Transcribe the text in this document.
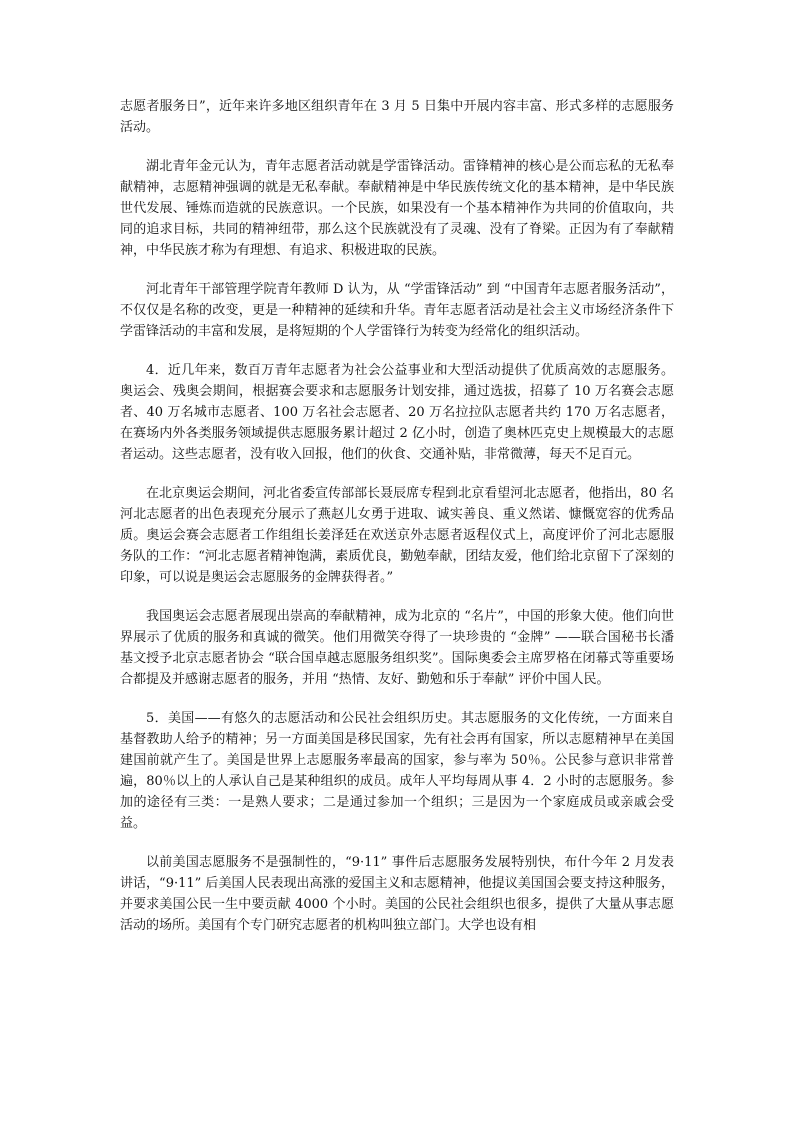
志愿者服务日”，近年来许多地区组织青年在 3 月 5 日集中开展内容丰富、形式多样的志愿服务活动。

湖北青年金元认为，青年志愿者活动就是学雷锋活动。雷锋精神的核心是公而忘私的无私奉献精神，志愿精神强调的就是无私奉献。奉献精神是中华民族传统文化的基本精神，是中华民族世代发展、锤炼而造就的民族意识。一个民族，如果没有一个基本精神作为共同的价值取向，共同的追求目标，共同的精神纽带，那么这个民族就没有了灵魂、没有了脊梁。正因为有了奉献精神，中华民族才称为有理想、有追求、积极进取的民族。

河北青年干部管理学院青年教师 D 认为，从 “学雷锋活动” 到 “中国青年志愿者服务活动”，不仅仅是名称的改变，更是一种精神的延续和升华。青年志愿者活动是社会主义市场经济条件下学雷锋活动的丰富和发展，是将短期的个人学雷锋行为转变为经常化的组织活动。

4．近几年来，数百万青年志愿者为社会公益事业和大型活动提供了优质高效的志愿服务。奥运会、残奥会期间，根据赛会要求和志愿服务计划安排，通过选拔，招募了 10 万名赛会志愿者、40 万名城市志愿者、100 万名社会志愿者、20 万名拉拉队志愿者共约 170 万名志愿者，在赛场内外各类服务领域提供志愿服务累计超过 2 亿小时，创造了奥林匹克史上规模最大的志愿者运动。这些志愿者，没有收入回报，他们的伙食、交通补贴，非常微薄，每天不足百元。

在北京奥运会期间，河北省委宣传部部长聂辰席专程到北京看望河北志愿者，他指出，80 名河北志愿者的出色表现充分展示了燕赵儿女勇于进取、诚实善良、重义然诺、慷慨宽容的优秀品质。奥运会赛会志愿者工作组组长姜泽廷在欢送京外志愿者返程仪式上，高度评价了河北志愿服务队的工作：“河北志愿者精神饱满，素质优良，勤勉奉献，团结友爱，他们给北京留下了深刻的印象，可以说是奥运会志愿服务的金牌获得者。”

我国奥运会志愿者展现出崇高的奉献精神，成为北京的 “名片”，中国的形象大使。他们向世界展示了优质的服务和真诚的微笑。他们用微笑夺得了一块珍贵的 “金牌” ——联合国秘书长潘基文授予北京志愿者协会 “联合国卓越志愿服务组织奖”。国际奥委会主席罗格在闭幕式等重要场合都提及并感谢志愿者的服务，并用 “热情、友好、勤勉和乐于奉献” 评价中国人民。

5．美国——有悠久的志愿活动和公民社会组织历史。其志愿服务的文化传统，一方面来自基督教助人给予的精神；另一方面美国是移民国家，先有社会再有国家，所以志愿精神早在美国建国前就产生了。美国是世界上志愿服务率最高的国家，参与率为 50％。公民参与意识非常普遍，80％以上的人承认自己是某种组织的成员。成年人平均每周从事 4．2 小时的志愿服务。参加的途径有三类：一是熟人要求；二是通过参加一个组织；三是因为一个家庭成员或亲戚会受益。

以前美国志愿服务不是强制性的，“9·11” 事件后志愿服务发展特别快，布什今年 2 月发表讲话，“9·11” 后美国人民表现出高涨的爱国主义和志愿精神，他提议美国国会要支持这种服务，并要求美国公民一生中要贡献 4000 个小时。美国的公民社会组织也很多，提供了大量从事志愿活动的场所。美国有个专门研究志愿者的机构叫独立部门。大学也设有相
